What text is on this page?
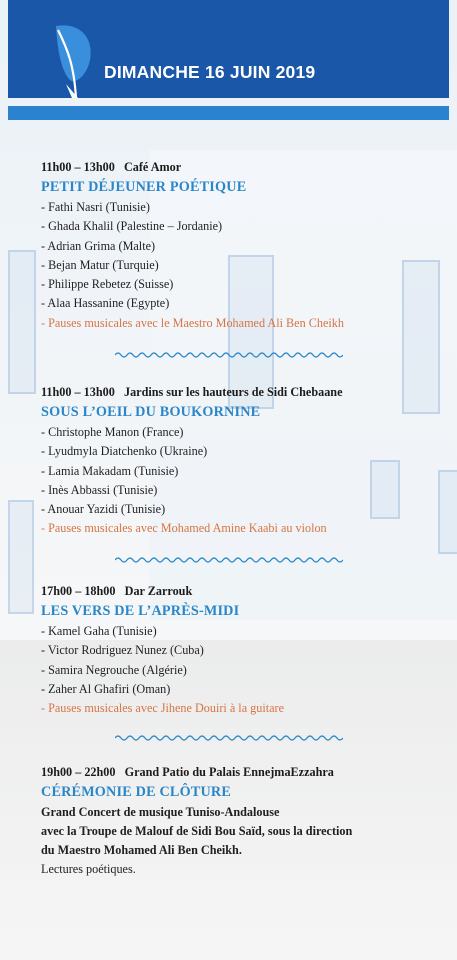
DIMANCHE 16 JUIN 2019

11h00 – 13h00 Café Amor

PETIT DÉJEUNER POÉTIQUE

- Fathi Nasri (Tunisie)

- Ghada Khalil (Palestine – Jordanie)

- Adrian Grima (Malte)

- Bejan Matur (Turquie)

- Philippe Rebetez (Suisse)

- Alaa Hassanine (Egypte)

- Pauses musicales avec le Maestro Mohamed Ali Ben Cheikh

11h00 – 13h00 Jardins sur les hauteurs de Sidi Chebaane

SOUS L’OEIL DU BOUKORNINE

- Christophe Manon (France)

- Lyudmyla Diatchenko (Ukraine)

- Lamia Makadam (Tunisie)

- Inès Abbassi (Tunisie)

- Anouar Yazidi (Tunisie)

- Pauses musicales avec Mohamed Amine Kaabi au violon

17h00 – 18h00 Dar Zarrouk

LES VERS DE L’APRÈS-MIDI

- Kamel Gaha (Tunisie)

- Victor Rodriguez Nunez (Cuba)

- Samira Negrouche (Algérie)

- Zaher Al Ghafiri (Oman)

- Pauses musicales avec Jihene Douiri à la guitare

19h00 – 22h00 Grand Patio du Palais EnnejmaEzzahra

CÉRÉMONIE DE CLÔTURE

Grand Concert de musique Tuniso-Andalouse

avec la Troupe de Malouf de Sidi Bou Saïd, sous la direction

du Maestro Mohamed Ali Ben Cheikh.

Lectures poétiques.
